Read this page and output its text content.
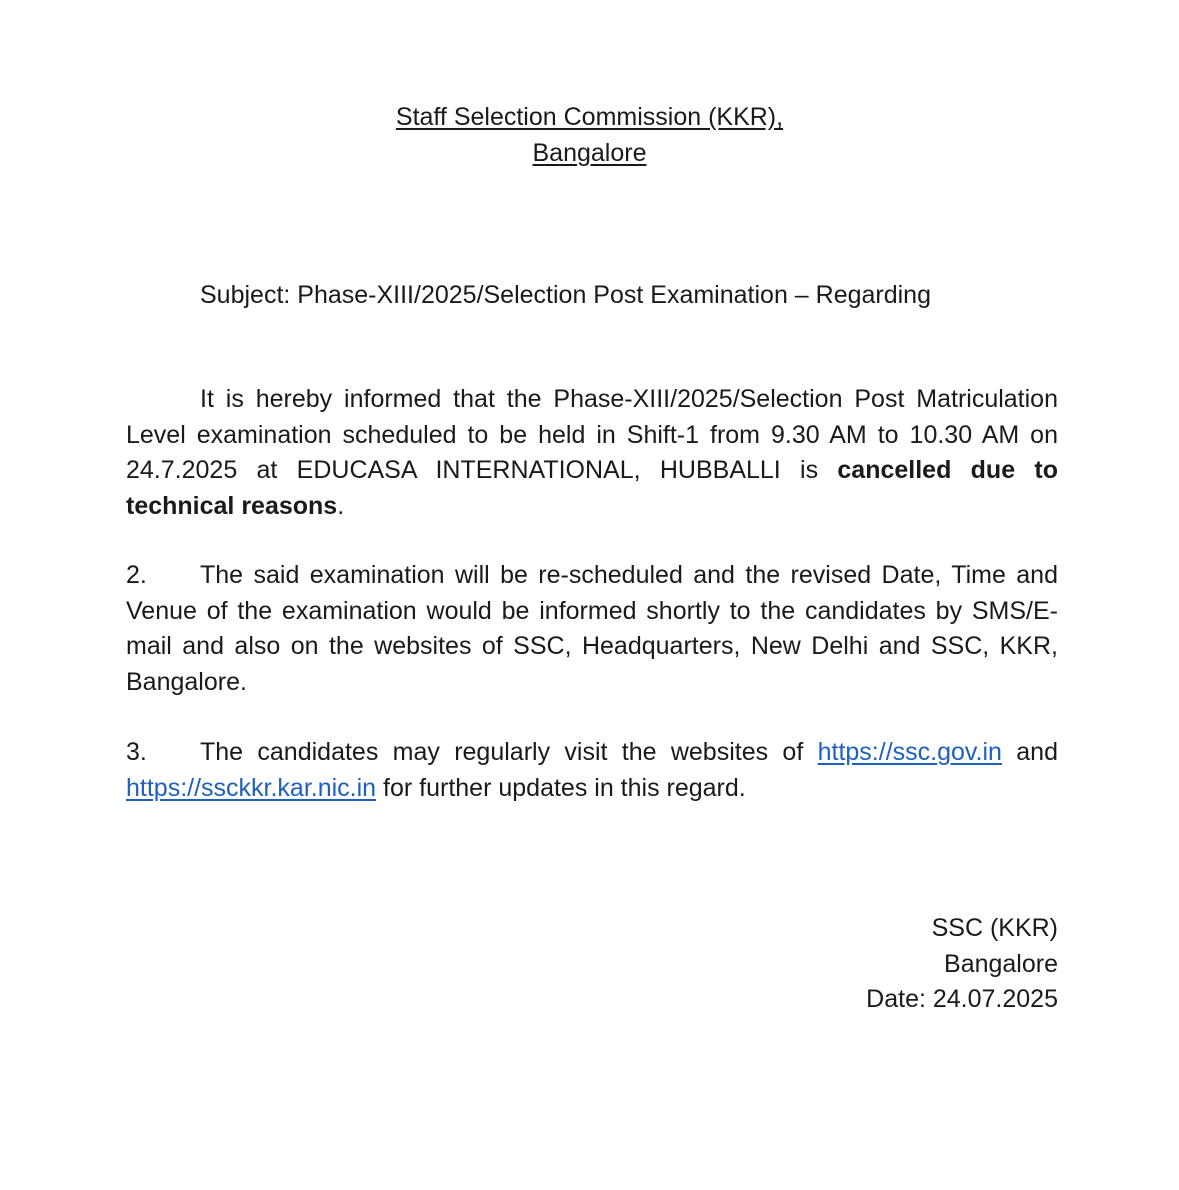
Staff Selection Commission (KKR),
Bangalore
Subject: Phase-XIII/2025/Selection Post Examination – Regarding
It is hereby informed that the Phase-XIII/2025/Selection Post Matriculation Level examination scheduled to be held in Shift-1 from 9.30 AM to 10.30 AM on 24.7.2025 at EDUCASA INTERNATIONAL, HUBBALLI is cancelled due to technical reasons.
2. The said examination will be re-scheduled and the revised Date, Time and Venue of the examination would be informed shortly to the candidates by SMS/E-mail and also on the websites of SSC, Headquarters, New Delhi and SSC, KKR, Bangalore.
3. The candidates may regularly visit the websites of https://ssc.gov.in and https://ssckkr.kar.nic.in for further updates in this regard.
SSC (KKR)
Bangalore
Date: 24.07.2025
